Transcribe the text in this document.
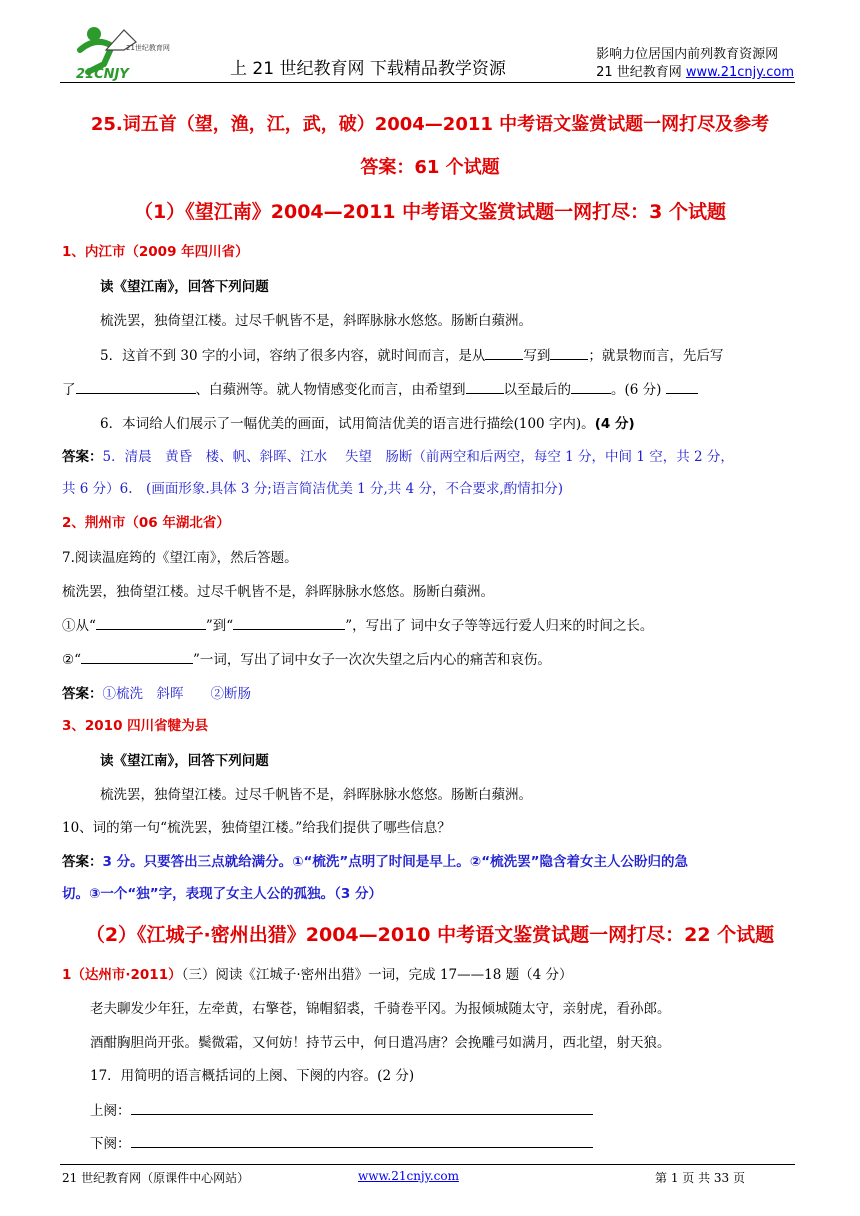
21世纪教育网
21CNJY	上 21 世纪教育网 下载精品教学资源
影响力位居国内前列教育资源网
21 世纪教育网 www.21cnjy.com
25.词五首（望，渔，江，武，破）2004—2011 中考语文鉴赏试题一网打尽及参考
答案：61 个试题
（1）《望江南》2004—2011 中考语文鉴赏试题一网打尽：3 个试题
1、内江市（2009 年四川省）
读《望江南》，回答下列问题
梳洗罢，独倚望江楼。过尽千帆皆不是，斜晖脉脉水悠悠。肠断白蘋洲。
5．这首不到 30 字的小词，容纳了很多内容，就时间而言，是从	写到	；就景物而言，先后写
了	、白蘋洲等。就人物情感变化而言，由希望到	以至最后的	。(6 分)
6．本词给人们展示了一幅优美的画面，试用简洁优美的语言进行描绘(100 字内)。(4 分)
答案：5．清晨　黄昏　楼、帆、斜晖、江水　 失望　肠断（前两空和后两空，每空 1 分，中间 1 空，共 2 分，
共 6 分）6.　(画面形象.具体 3 分;语言简洁优美 1 分,共 4 分，不合要求,酌情扣分)
2、荆州市（06 年湖北省）
7.阅读温庭筠的《望江南》，然后答题。
梳洗罢，独倚望江楼。过尽千帆皆不是，斜晖脉脉水悠悠。肠断白蘋洲。
①从“	”到“	”，写出了 词中女子等等远行爱人归来的时间之长。
②“	”一词，写出了词中女子一次次失望之后内心的痛苦和哀伤。
答案：①梳洗　斜晖　　②断肠
3、2010 四川省犍为县
读《望江南》，回答下列问题
梳洗罢，独倚望江楼。过尽千帆皆不是，斜晖脉脉水悠悠。肠断白蘋洲。
10、词的第一句“梳洗罢，独倚望江楼。”给我们提供了哪些信息？
答案：3 分。只要答出三点就给满分。①“梳洗”点明了时间是早上。②“梳洗罢”隐含着女主人公盼归的急
切。③一个“独”字，表现了女主人公的孤独。（3 分）
（2）《江城子·密州出猎》2004—2010 中考语文鉴赏试题一网打尽：22 个试题
1（达州市·2011）（三）阅读《江城子·密州出猎》一词，完成 17——18 题（4 分）
老夫聊发少年狂，左牵黄，右擎苍，锦帽貂裘，千骑卷平冈。为报倾城随太守，亲射虎，看孙郎。
酒酣胸胆尚开张。鬓微霜，又何妨！持节云中，何日遣冯唐？会挽雕弓如满月，西北望，射天狼。
17．用简明的语言概括词的上阕、下阕的内容。(2 分)
上阕：
下阕：
21 世纪教育网（原课件中心网站）	www.21cnjy.com	第 1 页 共 33 页
